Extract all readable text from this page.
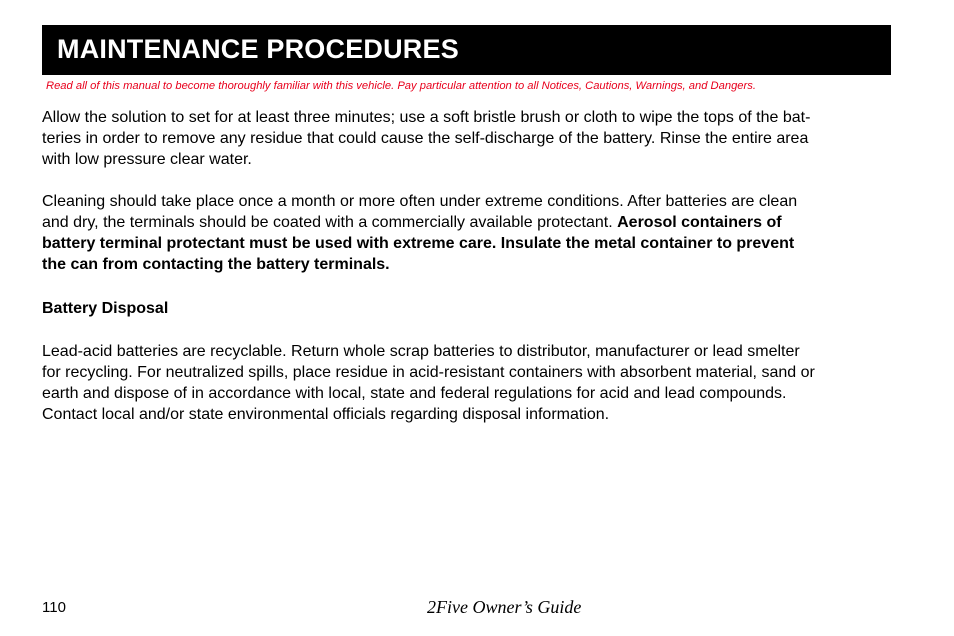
MAINTENANCE PROCEDURES
Read all of this manual to become thoroughly familiar with this vehicle. Pay particular attention to all Notices, Cautions, Warnings, and Dangers.
Allow the solution to set for at least three minutes; use a soft bristle brush or cloth to wipe the tops of the bat-
teries in order to remove any residue that could cause the self-discharge of the battery. Rinse the entire area
with low pressure clear water.
Cleaning should take place once a month or more often under extreme conditions. After batteries are clean
and dry, the terminals should be coated with a commercially available protectant. Aerosol containers of
battery terminal protectant must be used with extreme care. Insulate the metal container to prevent
the can from contacting the battery terminals.
Battery Disposal
Lead-acid batteries are recyclable. Return whole scrap batteries to distributor, manufacturer or lead smelter
for recycling. For neutralized spills, place residue in acid-resistant containers with absorbent material, sand or
earth and dispose of in accordance with local, state and federal regulations for acid and lead compounds.
Contact local and/or state environmental officials regarding disposal information.
110	2Five Owner’s Guide
